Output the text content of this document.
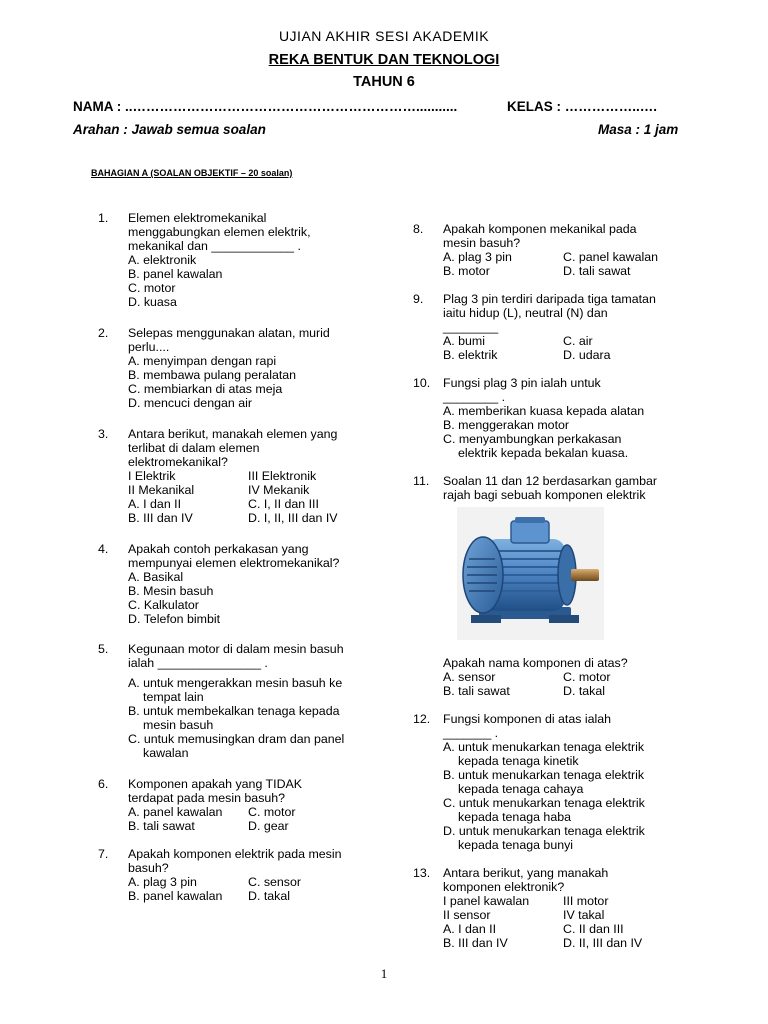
UJIAN AKHIR SESI AKADEMIK
REKA BENTUK DAN TEKNOLOGI
TAHUN 6
NAMA : ..………………………………………………………...........	KELAS : ……………..….
Arahan : Jawab semua soalan	Masa : 1 jam
BAHAGIAN A (SOALAN OBJEKTIF – 20 soalan)
1. Elemen elektromekanikal
menggabungkan elemen elektrik,
mekanikal dan ____________ .
A. elektronik
B. panel kawalan
C. motor
D. kuasa
2. Selepas menggunakan alatan, murid
perlu....
A. menyimpan dengan rapi
B. membawa pulang peralatan
C. membiarkan di atas meja
D. mencuci dengan air
3. Antara berikut, manakah elemen yang
terlibat di dalam elemen
elektromekanikal?
I Elektrik	III Elektronik
II Mekanikal	IV Mekanik
A. I dan II	C. I, II dan III
B. III dan IV	D. I, II, III dan IV
4. Apakah contoh perkakasan yang
mempunyai elemen elektromekanikal?
A. Basikal
B. Mesin basuh
C. Kalkulator
D. Telefon bimbit
5. Kegunaan motor di dalam mesin basuh
ialah _______________ .
A. untuk mengerakkan mesin basuh ke
tempat lain
B. untuk membekalkan tenaga kepada
mesin basuh
C. untuk memusingkan dram dan panel
kawalan
6. Komponen apakah yang TIDAK
terdapat pada mesin basuh?
A. panel kawalan	C. motor
B. tali sawat	D. gear
7. Apakah komponen elektrik pada mesin
basuh?
A. plag 3 pin	C. sensor
B. panel kawalan	D. takal
8. Apakah komponen mekanikal pada
mesin basuh?
A. plag 3 pin	C. panel kawalan
B. motor	D. tali sawat
9. Plag 3 pin terdiri daripada tiga tamatan
iaitu hidup (L), neutral (N) dan
________
A. bumi	C. air
B. elektrik	D. udara
10. Fungsi plag 3 pin ialah untuk
________ .
A. memberikan kuasa kepada alatan
B. menggerakan motor
C. menyambungkan perkakasan
elektrik kepada bekalan kuasa.
11. Soalan 11 dan 12 berdasarkan gambar
rajah bagi sebuah komponen elektrik
Apakah nama komponen di atas?
A. sensor	C. motor
B. tali sawat	D. takal
12. Fungsi komponen di atas ialah
_______ .
A. untuk menukarkan tenaga elektrik
kepada tenaga kinetik
B. untuk menukarkan tenaga elektrik
kepada tenaga cahaya
C. untuk menukarkan tenaga elektrik
kepada tenaga haba
D. untuk menukarkan tenaga elektrik
kepada tenaga bunyi
13. Antara berikut, yang manakah
komponen elektronik?
I panel kawalan	III motor
II sensor	IV takal
A. I dan II	C. II dan III
B. III dan IV	D. II, III dan IV
1
